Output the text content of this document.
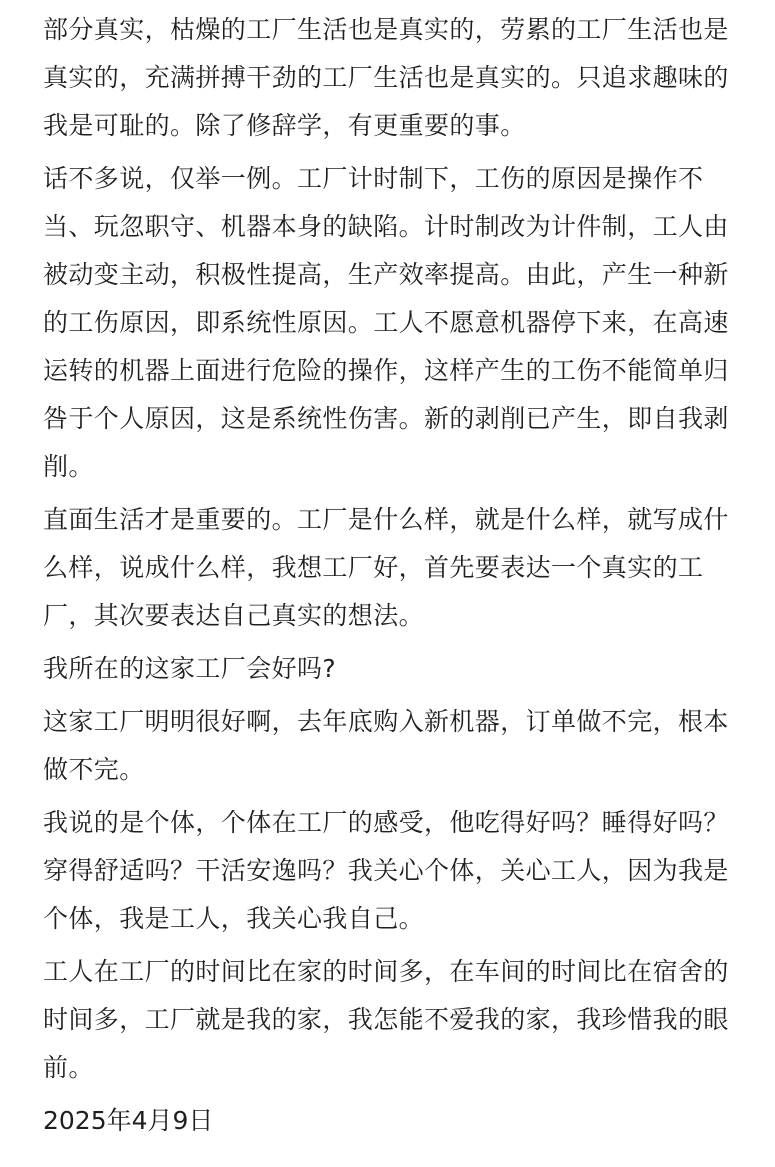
部分真实，枯燥的工厂生活也是真实的，劳累的工厂生活也是真实的，充满拼搏干劲的工厂生活也是真实的。只追求趣味的我是可耻的。除了修辞学，有更重要的事。

话不多说，仅举一例。工厂计时制下，工伤的原因是操作不当、玩忽职守、机器本身的缺陷。计时制改为计件制，工人由被动变主动，积极性提高，生产效率提高。由此，产生一种新的工伤原因，即系统性原因。工人不愿意机器停下来，在高速运转的机器上面进行危险的操作，这样产生的工伤不能简单归咎于个人原因，这是系统性伤害。新的剥削已产生，即自我剥削。

直面生活才是重要的。工厂是什么样，就是什么样，就写成什么样，说成什么样，我想工厂好，首先要表达一个真实的工厂，其次要表达自己真实的想法。

我所在的这家工厂会好吗?

这家工厂明明很好啊，去年底购入新机器，订单做不完，根本做不完。

我说的是个体，个体在工厂的感受，他吃得好吗？睡得好吗？穿得舒适吗？干活安逸吗？我关心个体，关心工人，因为我是个体，我是工人，我关心我自己。

工人在工厂的时间比在家的时间多，在车间的时间比在宿舍的时间多，工厂就是我的家，我怎能不爱我的家，我珍惜我的眼前。

2025年4月9日
